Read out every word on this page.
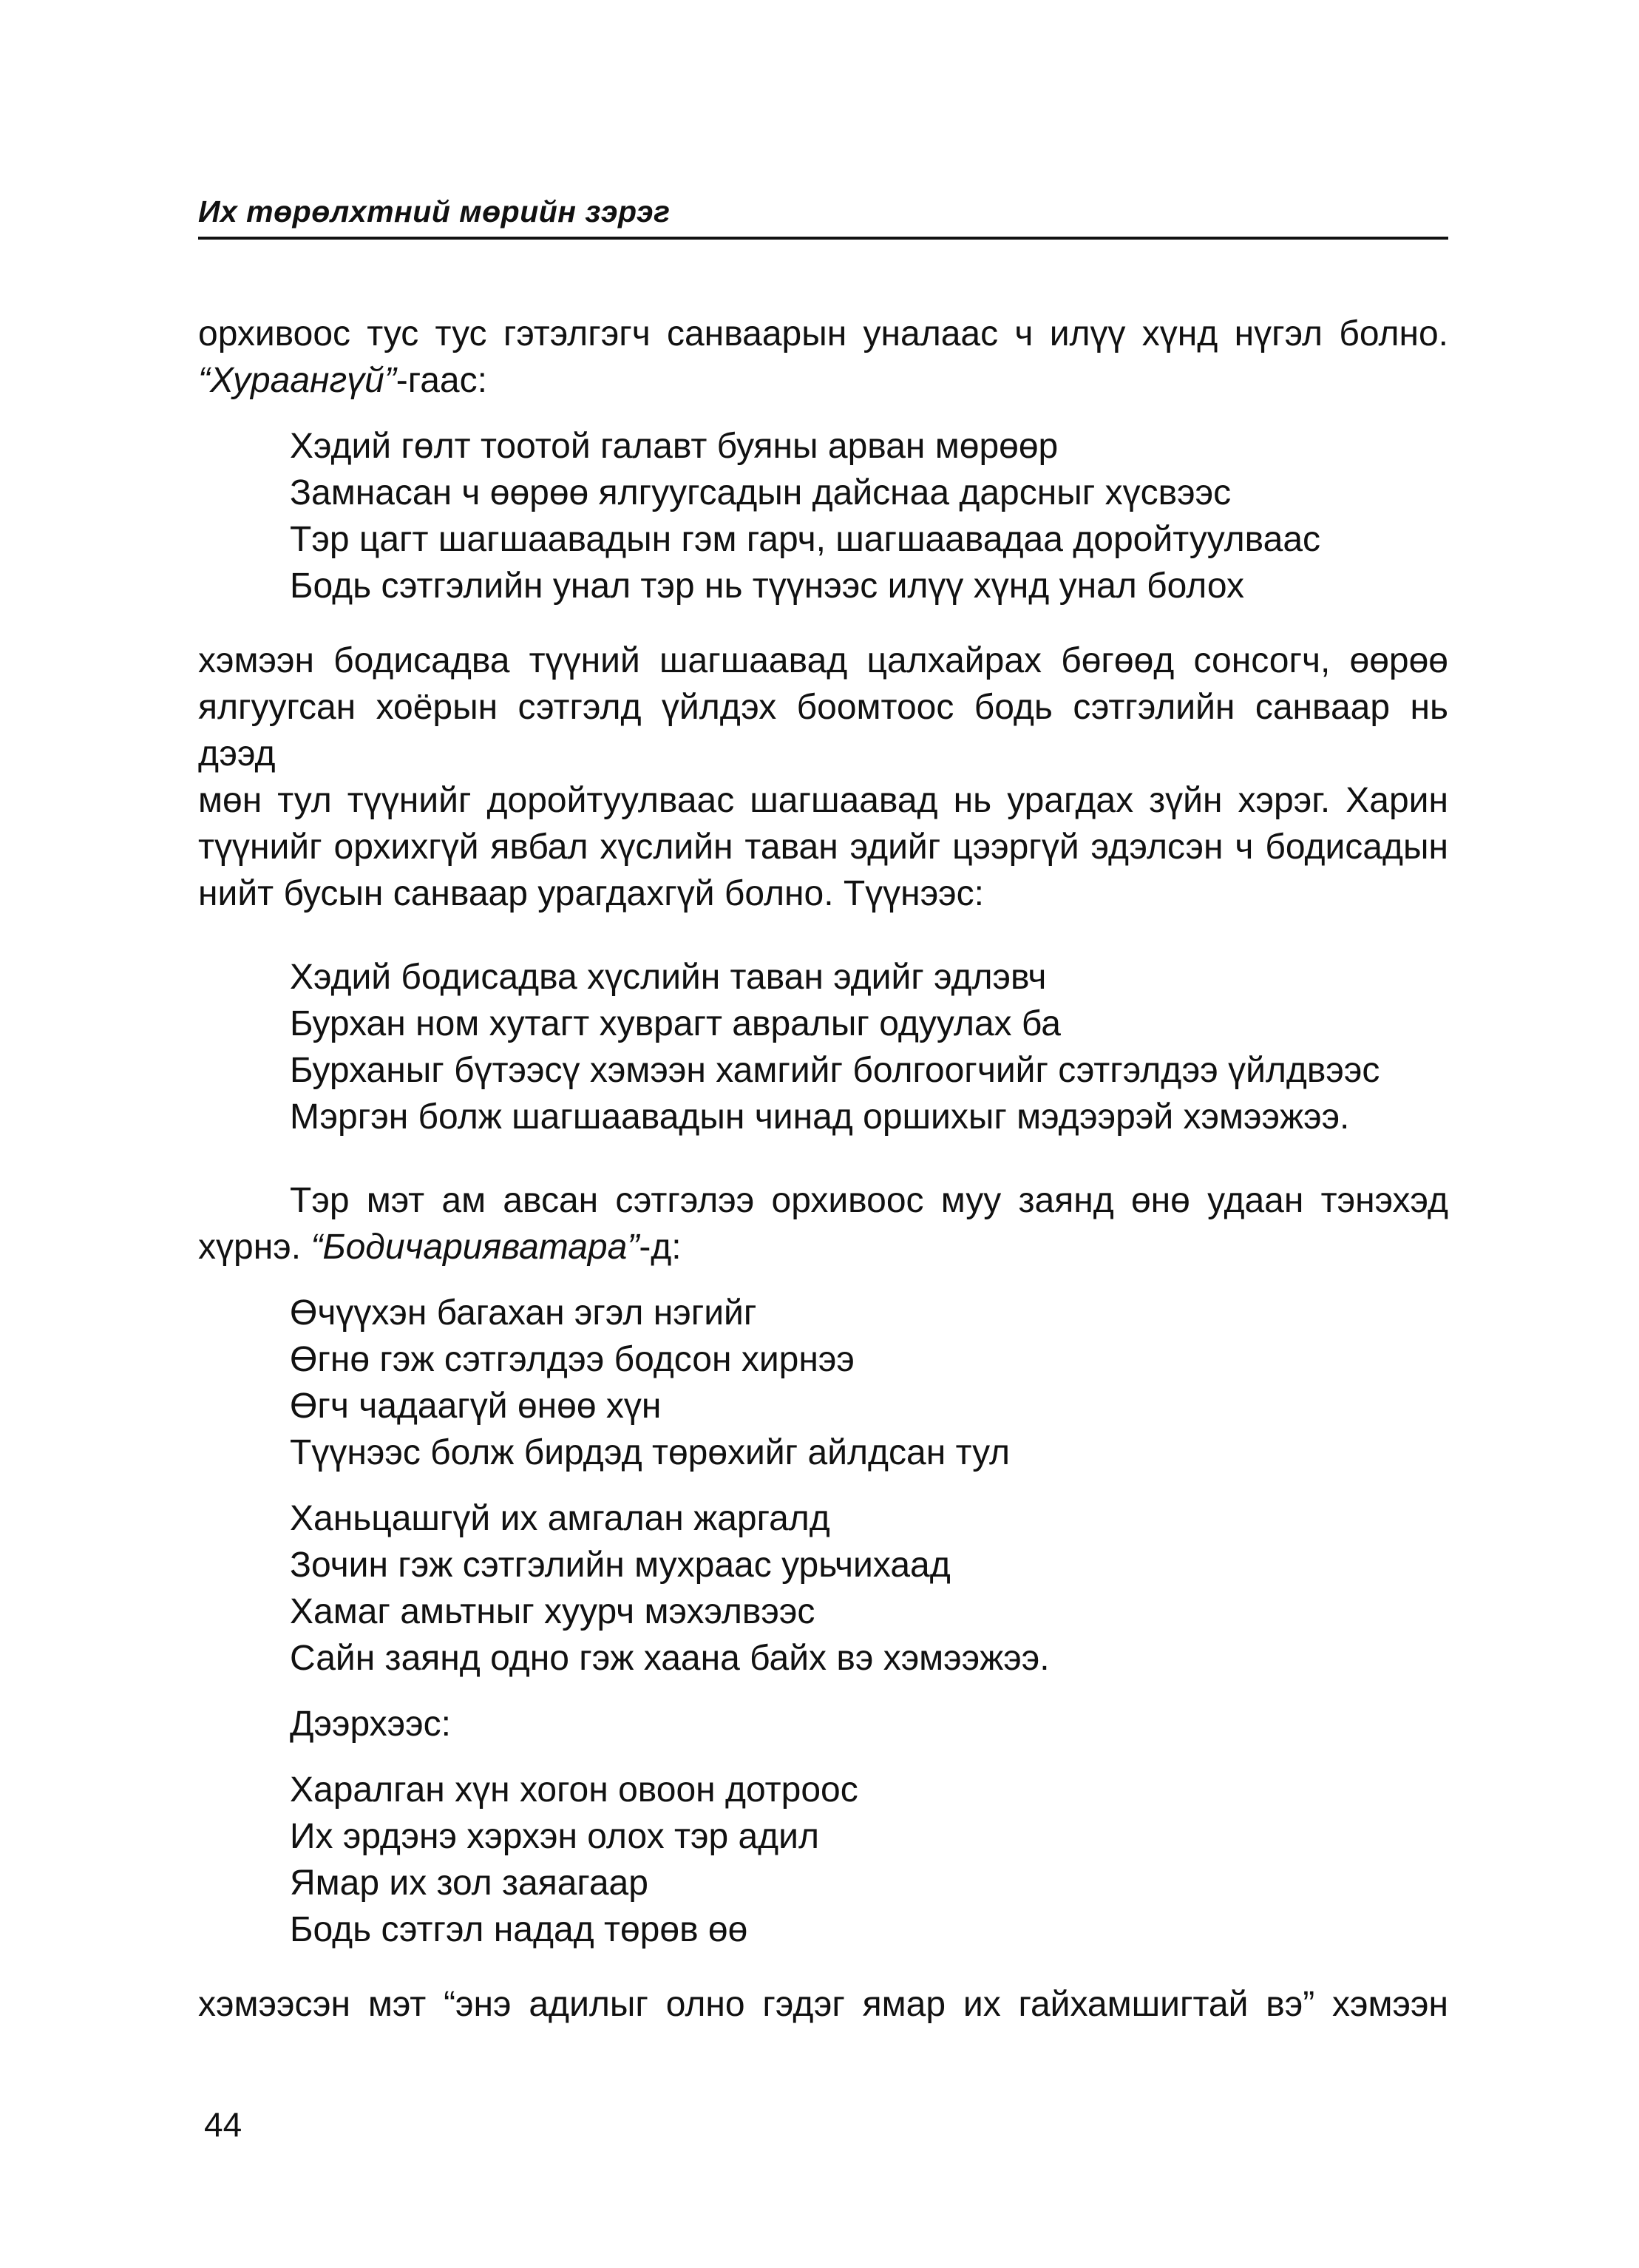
Их төрөлхтний мөрийн зэрэг
орхивоос тус тус гэтэлгэгч санваарын уналаас ч илүү хүнд нүгэл болно.
“Хураангүй”-гаас:
Хэдий гөлт тоотой галавт буяны арван мөрөөр
Замнасан ч өөрөө ялгуугсадын дайснаа дарсныг хүсвээс
Тэр цагт шагшаавадын гэм гарч, шагшаавадаа доройтуулваас
Бодь сэтгэлийн унал тэр нь түүнээс илүү хүнд унал болох
хэмээн бодисадва түүний шагшаавад цалхайрах бөгөөд сонсогч, өөрөө
ялгуугсан хоёрын сэтгэлд үйлдэх боомтоос бодь сэтгэлийн санваар нь дээд
мөн тул түүнийг доройтуулваас шагшаавад нь урагдах зүйн хэрэг. Харин
түүнийг орхихгүй явбал хүслийн таван эдийг цээргүй эдэлсэн ч бодисадын
нийт бусын санваар урагдахгүй болно. Түүнээс:
Хэдий бодисадва хүслийн таван эдийг эдлэвч
Бурхан ном хутагт хуврагт авралыг одуулах ба
Бурханыг бүтээсү хэмээн хамгийг болгоогчийг сэтгэлдээ үйлдвээс
Мэргэн болж шагшаавадын чинад оршихыг мэдээрэй хэмээжээ.
Тэр мэт ам авсан сэтгэлээ орхивоос муу заянд өнө удаан тэнэхэд
хүрнэ. “Бодичарияватара”-д:
Өчүүхэн багахан эгэл нэгийг
Өгнө гэж сэтгэлдээ бодсон хирнээ
Өгч чадаагүй өнөө хүн
Түүнээс болж бирдэд төрөхийг айлдсан тул
Ханьцашгүй их амгалан жаргалд
Зочин гэж сэтгэлийн мухраас урьчихаад
Хамаг амьтныг хуурч мэхэлвээс
Сайн заянд одно гэж хаана байх вэ хэмээжээ.
Дээрхээс:
Харалган хүн хогон овоон дотроос
Их эрдэнэ хэрхэн олох тэр адил
Ямар их зол заяагаар
Бодь сэтгэл надад төрөв өө
хэмээсэн мэт “энэ адилыг олно гэдэг ямар их гайхамшигтай вэ” хэмээн
44
